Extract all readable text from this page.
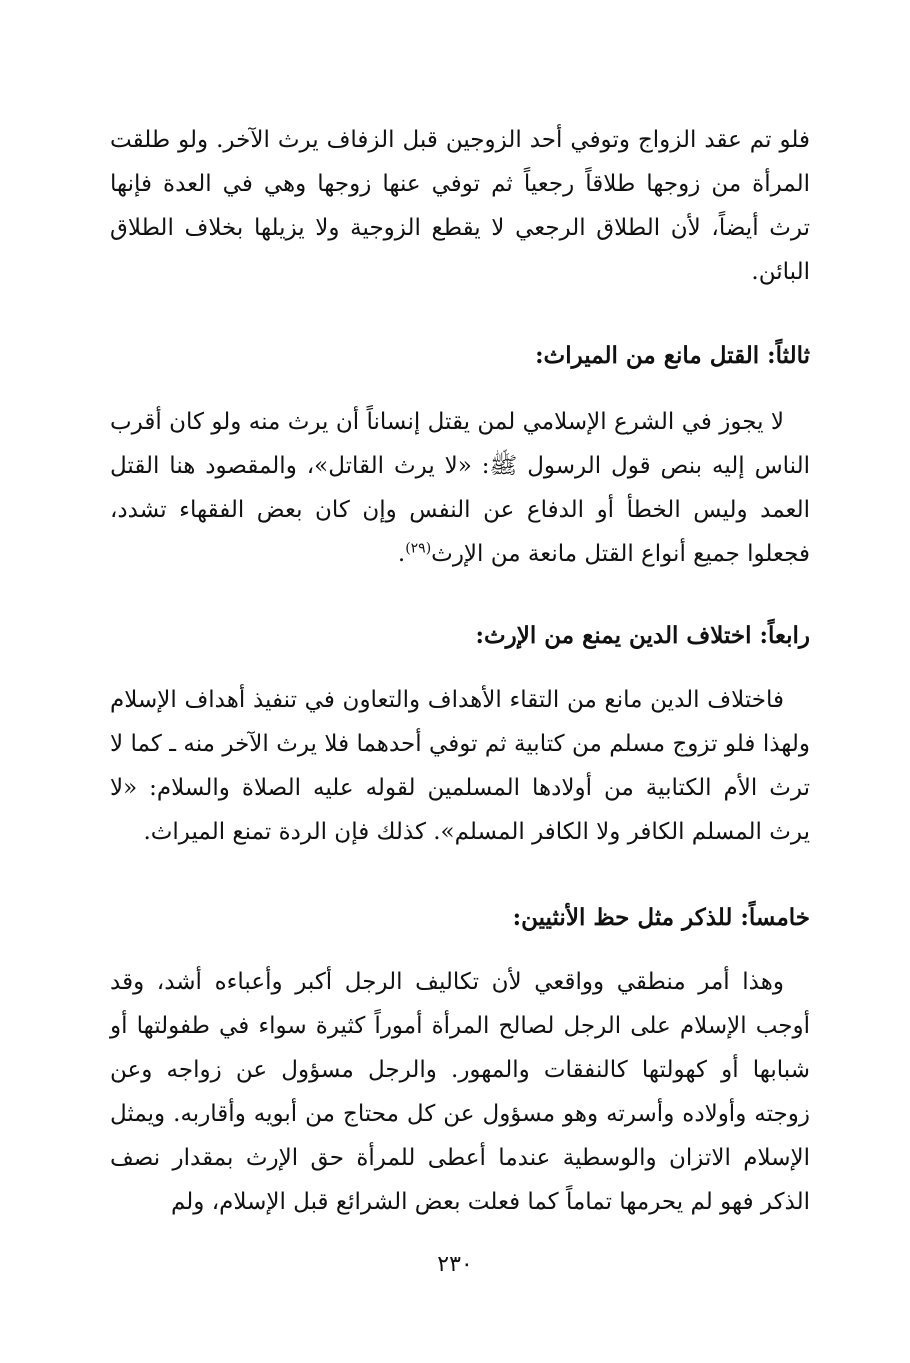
فلو تم عقد الزواج وتوفي أحد الزوجين قبل الزفاف يرث الآخر. ولو طلقت المرأة من زوجها طلاقاً رجعياً ثم توفي عنها زوجها وهي في العدة فإنها ترث أيضاً، لأن الطلاق الرجعي لا يقطع الزوجية ولا يزيلها بخلاف الطلاق البائن.

ثالثاً: القتل مانع من الميراث:

لا يجوز في الشرع الإسلامي لمن يقتل إنساناً أن يرث منه ولو كان أقرب الناس إليه بنص قول الرسول ﷺ: «لا يرث القاتل»، والمقصود هنا القتل العمد وليس الخطأ أو الدفاع عن النفس وإن كان بعض الفقهاء تشدد، فجعلوا جميع أنواع القتل مانعة من الإرث$^{(٢٩)}$.

رابعاً: اختلاف الدين يمنع من الإرث:

فاختلاف الدين مانع من التقاء الأهداف والتعاون في تنفيذ أهداف الإسلام ولهذا فلو تزوج مسلم من كتابية ثم توفي أحدهما فلا يرث الآخر منه ـ كما لا ترث الأم الكتابية من أولادها المسلمين لقوله عليه الصلاة والسلام: «لا يرث المسلم الكافر ولا الكافر المسلم». كذلك فإن الردة تمنع الميراث.

خامساً: للذكر مثل حظ الأنثيين:

وهذا أمر منطقي وواقعي لأن تكاليف الرجل أكبر وأعباءه أشد، وقد أوجب الإسلام على الرجل لصالح المرأة أموراً كثيرة سواء في طفولتها أو شبابها أو كهولتها كالنفقات والمهور. والرجل مسؤول عن زواجه وعن زوجته وأولاده وأسرته وهو مسؤول عن كل محتاج من أبويه وأقاربه. ويمثل الإسلام الاتزان والوسطية عندما أعطى للمرأة حق الإرث بمقدار نصف الذكر فهو لم يحرمها تماماً كما فعلت بعض الشرائع قبل الإسلام، ولم

٢٣٠
